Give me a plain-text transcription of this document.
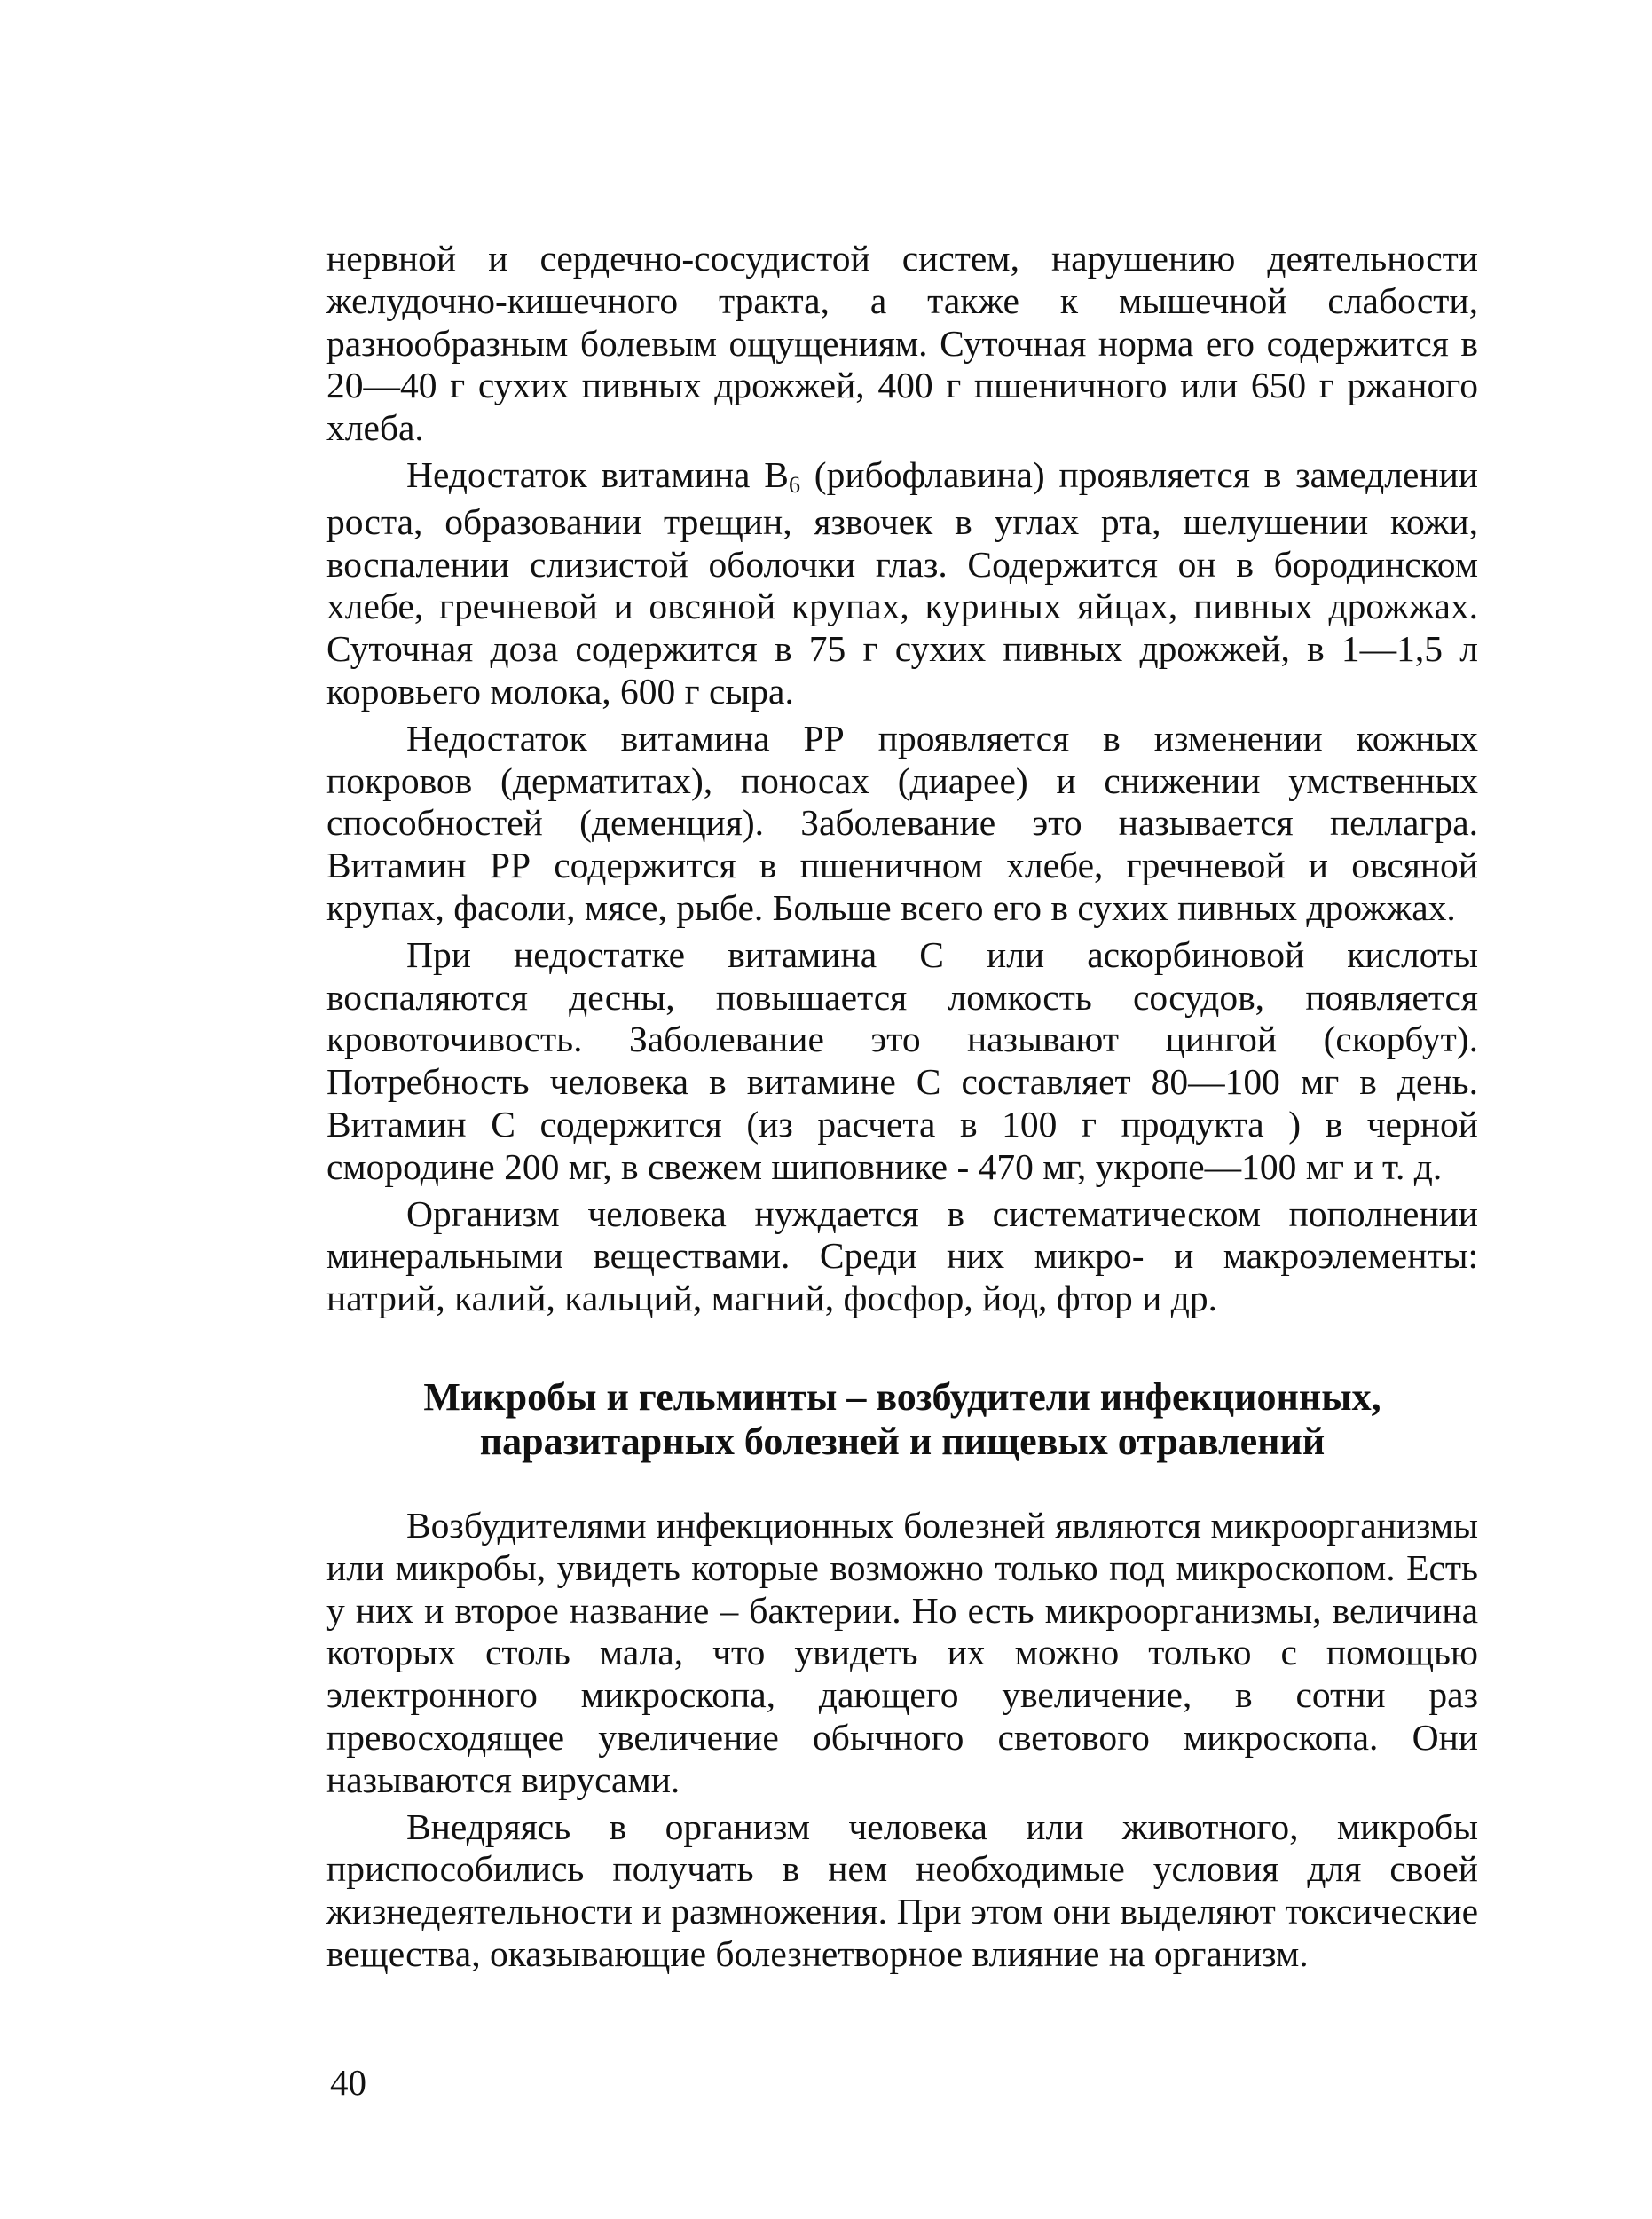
нервной и сердечно-сосудистой систем, нарушению деятельности желудочно-кишечного тракта, а также к мышечной слабости, разнообразным болевым ощущениям. Суточная норма его содержится в 20—40 г сухих пивных дрожжей, 400 г пшеничного или 650 г ржаного хлеба.

Недостаток витамина $В_6$ (рибофлавина) проявляется в замедлении роста, образовании трещин, язвочек в углах рта, шелушении кожи, воспалении слизистой оболочки глаз. Содержится он в бородинском хлебе, гречневой и овсяной крупах, куриных яйцах, пивных дрожжах. Суточная доза содержится в 75 г сухих пивных дрожжей, в 1—1,5 л коровьего молока, 600 г сыра.

Недостаток витамина РР проявляется в изменении кожных покровов (дерматитах), поносах (диарее) и снижении умственных способностей (деменция). Заболевание это называется пеллагра. Витамин РР содержится в пшеничном хлебе, гречневой и овсяной крупах, фасоли, мясе, рыбе. Больше всего его в сухих пивных дрожжах.

При недостатке витамина С или аскорбиновой кислоты воспаляются десны, повышается ломкость сосудов, появляется кровоточивость. Заболевание это называют цингой (скорбут). Потребность человека в витамине С составляет 80—100 мг в день. Витамин С содержится (из расчета в 100 г продукта ) в черной смородине 200 мг, в свежем шиповнике - 470 мг, укропе—100 мг и т. д.

Организм человека нуждается в систематическом пополнении минеральными веществами. Среди них микро- и макроэлементы: натрий, калий, кальций, магний, фосфор, йод, фтор и др.

Микробы и гельминты – возбудители инфекционных,
паразитарных болезней и пищевых отравлений

Возбудителями инфекционных болезней являются микроорганизмы или микробы, увидеть которые возможно только под микроскопом. Есть у них и второе название – бактерии. Но есть микроорганизмы, величина которых столь мала, что увидеть их можно только с помощью электронного микроскопа, дающего увеличение, в сотни раз превосходящее увеличение обычного светового микроскопа. Они называются вирусами.

Внедряясь в организм человека или животного, микробы приспособились получать в нем необходимые условия для своей жизнедеятельности и размножения. При этом они выделяют токсические вещества, оказывающие болезнетворное влияние на организм.

40
